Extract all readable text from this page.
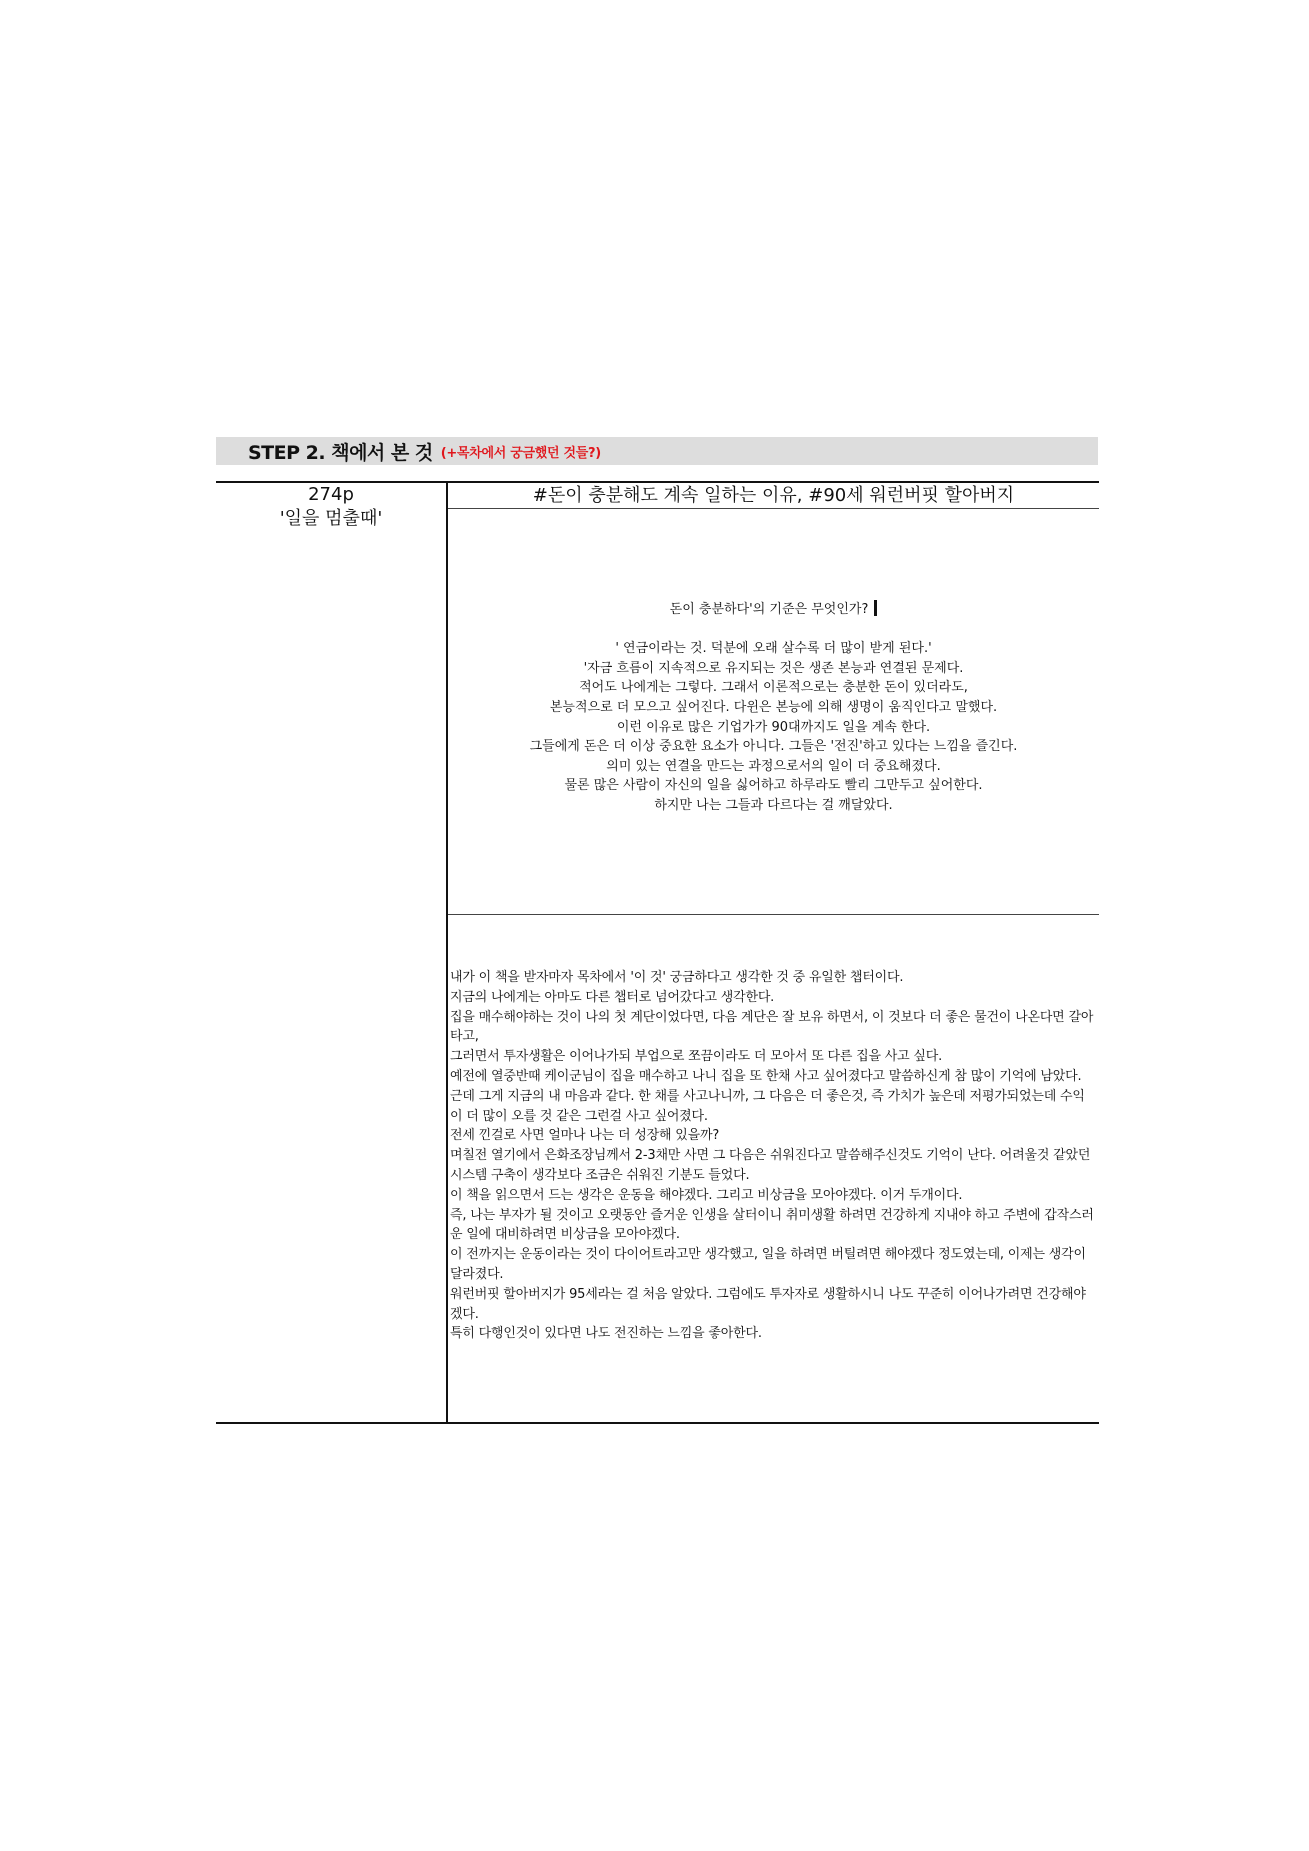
STEP 2. 책에서 본 것 (+목차에서 궁금했던 것들?)
274p
'일을 멈출때'
#돈이 충분해도 계속 일하는 이유, #90세 워런버핏 할아버지
돈이 충분하다'의 기준은 무엇인가?
' 연금이라는 것. 덕분에 오래 살수록 더 많이 받게 된다.'
'자금 흐름이 지속적으로 유지되는 것은 생존 본능과 연결된 문제다.
적어도 나에게는 그렇다. 그래서 이론적으로는 충분한 돈이 있더라도,
본능적으로 더 모으고 싶어진다. 다윈은 본능에 의해 생명이 움직인다고 말했다.
이런 이유로 많은 기업가가 90대까지도 일을 계속 한다.
그들에게 돈은 더 이상 중요한 요소가 아니다. 그들은 '전진'하고 있다는 느낌을 즐긴다.
의미 있는 연결을 만드는 과정으로서의 일이 더 중요해졌다.
물론 많은 사람이 자신의 일을 싫어하고 하루라도 빨리 그만두고 싶어한다.
하지만 나는 그들과 다르다는 걸 깨달았다.

내가 이 책을 받자마자 목차에서 '이 것' 궁금하다고 생각한 것 중 유일한 챕터이다.

지금의 나에게는 아마도 다른 챕터로 넘어갔다고 생각한다.

집을 매수해야하는 것이 나의 첫 계단이었다면, 다음 계단은 잘 보유 하면서, 이 것보다 더 좋은 물건이 나온다면 갈아타고,

그러면서 투자생활은 이어나가되 부업으로 쪼끔이라도 더 모아서 또 다른 집을 사고 싶다.

예전에 열중반때 케이군님이 집을 매수하고 나니 집을 또 한채 사고 싶어졌다고 말씀하신게 참 많이 기억에 남았다.

근데 그게 지금의 내 마음과 같다. 한 채를 사고나니까, 그 다음은 더 좋은것, 즉 가치가 높은데 저평가되었는데 수익이 더 많이 오를 것 같은 그런걸 사고 싶어졌다.

전세 낀걸로 사면 얼마나 나는 더 성장해 있을까?

며칠전 열기에서 은화조장님께서 2-3채만 사면 그 다음은 쉬워진다고 말씀해주신것도 기억이 난다. 어려울것 같았던 시스템 구축이 생각보다 조금은 쉬워진 기분도 들었다.

이 책을 읽으면서 드는 생각은 운동을 해야겠다. 그리고 비상금을 모아야겠다. 이거 두개이다.

즉, 나는 부자가 될 것이고 오랫동안 즐거운 인생을 살터이니 취미생활 하려면 건강하게 지내야 하고 주변에 갑작스러운 일에 대비하려면 비상금을 모아야겠다.

이 전까지는 운동이라는 것이 다이어트라고만 생각했고, 일을 하려면 버틸려면 해야겠다 정도였는데, 이제는 생각이 달라졌다.

워런버핏 할아버지가 95세라는 걸 처음 알았다. 그럼에도 투자자로 생활하시니 나도 꾸준히 이어나가려면 건강해야겠다.

특히 다행인것이 있다면 나도 전진하는 느낌을 좋아한다.
